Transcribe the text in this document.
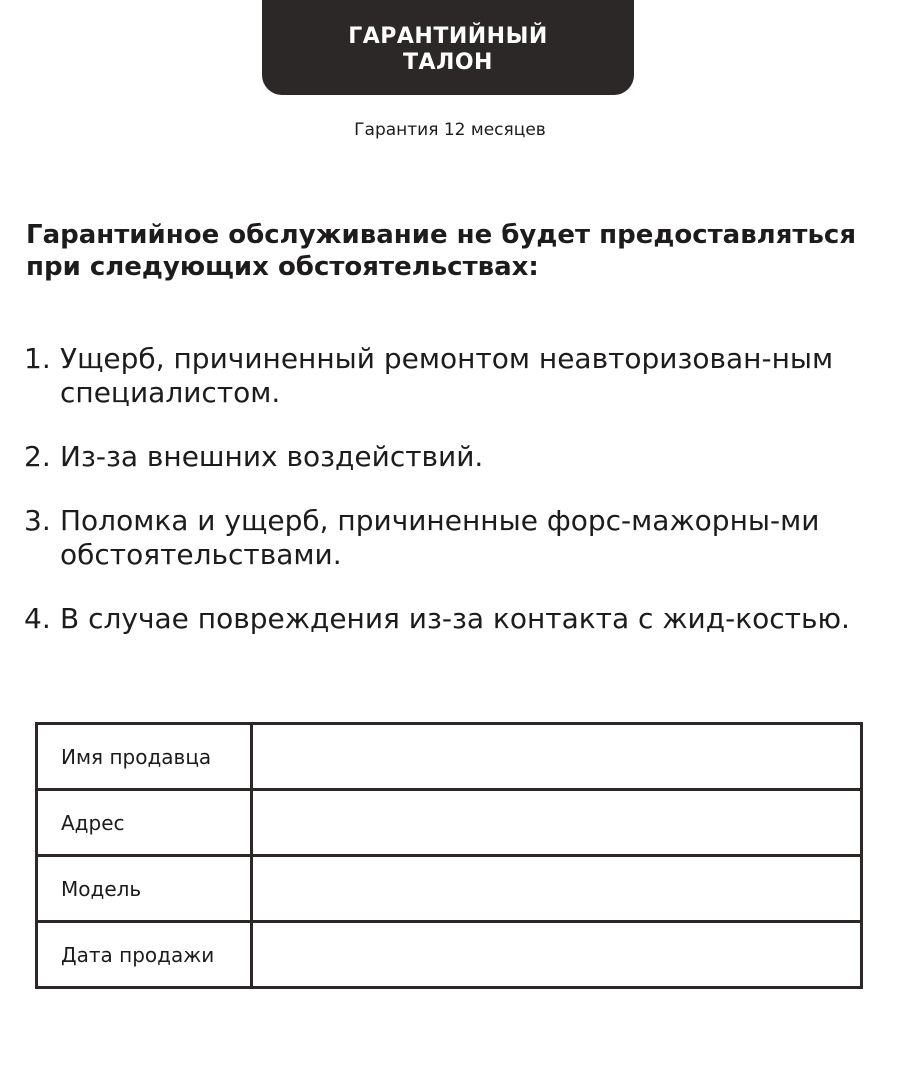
ГАРАНТИЙНЫЙ
ТАЛОН
Гарантия 12 месяцев
Гарантийное обслуживание не будет предоставляться при следующих обстоятельствах:
1. Ущерб, причиненный ремонтом неавторизован-ным специалистом.
2. Из-за внешних воздействий.
3. Поломка и ущерб, причиненные форс-мажорны-ми обстоятельствами.
4. В случае повреждения из-за контакта с жид-костью.
Имя продавца	
Адрес	
Модель	
Дата продажи	
